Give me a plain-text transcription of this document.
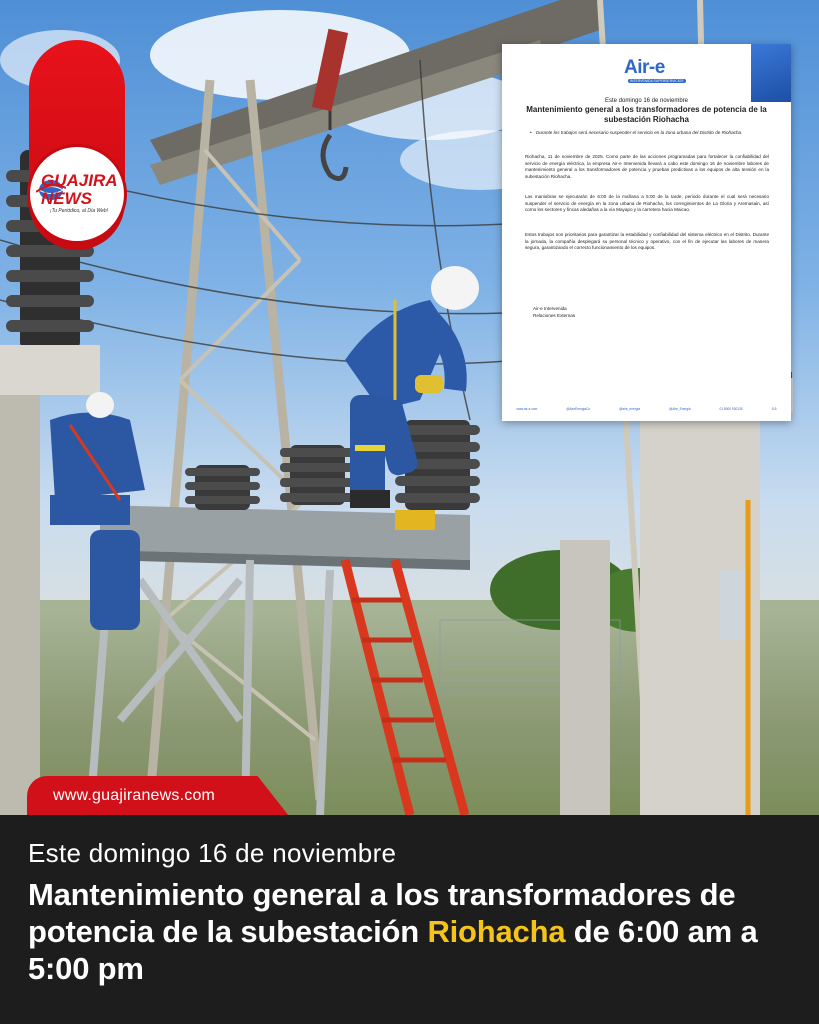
GUAJIRA NEWS
¡Tu Periódico, al Día Web!
Air-e
INTERVENIDA SUPERSERVICIOS
Este domingo 16 de noviembre
Mantenimiento general a los transformadores de potencia de la subestación Riohacha
• Durante los trabajos será necesario suspender el servicio en la zona urbana del Distrito de Riohacha.
Riohacha, 11 de noviembre de 2025. Como parte de las acciones programadas para fortalecer la confiabilidad del servicio de energía eléctrica, la empresa Air-e Intervenida llevará a cabo este domingo 16 de noviembre labores de mantenimiento general a los transformadores de potencia y pruebas predictivas a los equipos de alta tensión en la subestación Riohacha.
Las maniobras se ejecutarán de 6:00 de la mañana a 5:00 de la tarde, periodo durante el cual será necesario suspender el servicio de energía en la zona urbana de Riohacha, los corregimientos de La Gloria y Aremasain, así como los sectores y fincas aledañas a la vía Mayapo y la carretera hacia Maicao.
Estos trabajos son prioritarios para garantizar la estabilidad y confiabilidad del sistema eléctrico en el Distrito. Durante la jornada, la compañía desplegará su personal técnico y operativo, con el fin de ejecutar las labores de manera segura, garantizando el correcto funcionamiento de los equipos.
Air-e Intervenida
Relaciones Externas
www.air-e.com	@AireEnergiaCo	@aire_energia	@Aire_Energia	01 8000 930135	115
www.guajiranews.com
Este domingo 16 de noviembre
Mantenimiento general a los transformadores de potencia de la subestación Riohacha de 6:00 am a 5:00 pm
